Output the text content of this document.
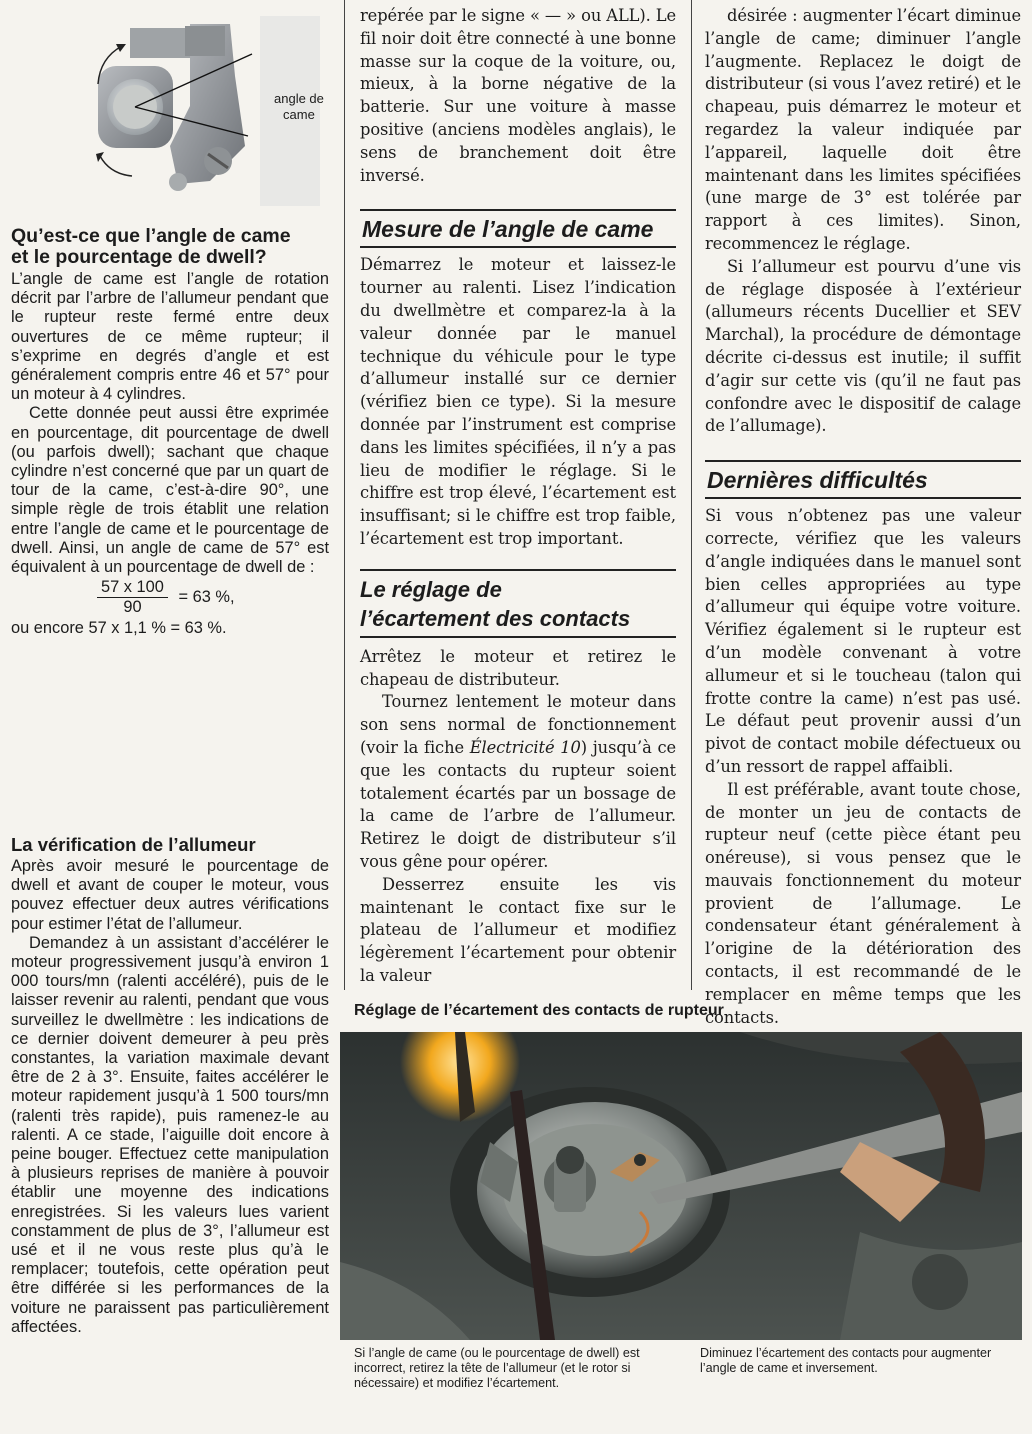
angle de
came
Qu’est-ce que l’angle de came
et le pourcentage de dwell?

L’angle de came est l’angle de rotation décrit par l’arbre de l’allumeur pendant que le rupteur reste fermé entre deux ouvertures de ce même rupteur; il s’exprime en degrés d’angle et est généralement compris entre 46 et 57° pour un moteur à 4 cylindres.

Cette donnée peut aussi être exprimée en pourcentage, dit pourcentage de dwell (ou parfois dwell); sachant que chaque cylindre n’est concerné que par un quart de tour de la came, c’est-à-dire 90°, une simple règle de trois établit une relation entre l’angle de came et le pourcentage de dwell. Ainsi, un angle de came de 57° est équivalent à un pourcentage de dwell de :

$\frac{57 x 100}{90} = 63$ %,
ou encore 57 x 1,1 % = 63 %.
La vérification de l’allumeur

Après avoir mesuré le pourcentage de dwell et avant de couper le moteur, vous pouvez effectuer deux autres vérifications pour estimer l’état de l’allumeur.

Demandez à un assistant d’accélérer le moteur progressivement jusqu’à environ 1 000 tours/mn (ralenti accéléré), puis de le laisser revenir au ralenti, pendant que vous surveillez le dwellmètre : les indications de ce dernier doivent demeurer à peu près constantes, la variation maximale devant être de 2 à 3°. Ensuite, faites accélérer le moteur rapidement jusqu’à 1 500 tours/mn (ralenti très rapide), puis ramenez-le au ralenti. A ce stade, l’aiguille doit encore à peine bouger. Effectuez cette manipulation à plusieurs reprises de manière à pouvoir établir une moyenne des indications enregistrées. Si les valeurs lues varient constamment de plus de 3°, l’allumeur est usé et il ne vous reste plus qu’à le remplacer; toutefois, cette opération peut être différée si les performances de la voiture ne paraissent pas particulièrement affectées.

repérée par le signe « — » ou ALL). Le fil noir doit être connecté à une bonne masse sur la coque de la voiture, ou, mieux, à la borne négative de la batterie. Sur une voiture à masse positive (anciens modèles anglais), le sens de branchement doit être inversé.

Mesure de l’angle de came

Démarrez le moteur et laissez-le tourner au ralenti. Lisez l’indication du dwellmètre et comparez-la à la valeur donnée par le manuel technique du véhicule pour le type d’allumeur installé sur ce dernier (vérifiez bien ce type). Si la mesure donnée par l’instrument est comprise dans les limites spécifiées, il n’y a pas lieu de modifier le réglage. Si le chiffre est trop élevé, l’écartement est insuffisant; si le chiffre est trop faible, l’écartement est trop important.

Le réglage de
l’écartement des contacts

Arrêtez le moteur et retirez le chapeau de distributeur.

Tournez lentement le moteur dans son sens normal de fonctionnement (voir la fiche Électricité 10) jusqu’à ce que les contacts du rupteur soient totalement écartés par un bossage de la came de l’arbre de l’allumeur. Retirez le doigt de distributeur s’il vous gêne pour opérer.

Desserrez ensuite les vis maintenant le contact fixe sur le plateau de l’allumeur et modifiez légèrement l’écartement pour obtenir la valeur

désirée : augmenter l’écart diminue l’angle de came; diminuer l’angle l’augmente. Replacez le doigt de distributeur (si vous l’avez retiré) et le chapeau, puis démarrez le moteur et regardez la valeur indiquée par l’appareil, laquelle doit être maintenant dans les limites spécifiées (une marge de 3° est tolérée par rapport à ces limites). Sinon, recommencez le réglage.

Si l’allumeur est pourvu d’une vis de réglage disposée à l’extérieur (allumeurs récents Ducellier et SEV Marchal), la procédure de démontage décrite ci-dessus est inutile; il suffit d’agir sur cette vis (qu’il ne faut pas confondre avec le dispositif de calage de l’allumage).

Dernières difficultés

Si vous n’obtenez pas une valeur correcte, vérifiez que les valeurs d’angle indiquées dans le manuel sont bien celles appropriées au type d’allumeur qui équipe votre voiture. Vérifiez également si le rupteur est d’un modèle convenant à votre allumeur et si le toucheau (talon qui frotte contre la came) n’est pas usé. Le défaut peut provenir aussi d’un pivot de contact mobile défectueux ou d’un ressort de rappel affaibli.

Il est préférable, avant toute chose, de monter un jeu de contacts de rupteur neuf (cette pièce étant peu onéreuse), si vous pensez que le mauvais fonctionnement du moteur provient de l’allumage. Le condensateur étant généralement à l’origine de la détérioration des contacts, il est recommandé de le remplacer en même temps que les contacts.

Réglage de l’écartement des contacts de rupteur
Si l’angle de came (ou le pourcentage de dwell) est incorrect, retirez la tête de l’allumeur (et le rotor si nécessaire) et modifiez l’écartement.
Diminuez l’écartement des contacts pour augmenter l’angle de came et inversement.
